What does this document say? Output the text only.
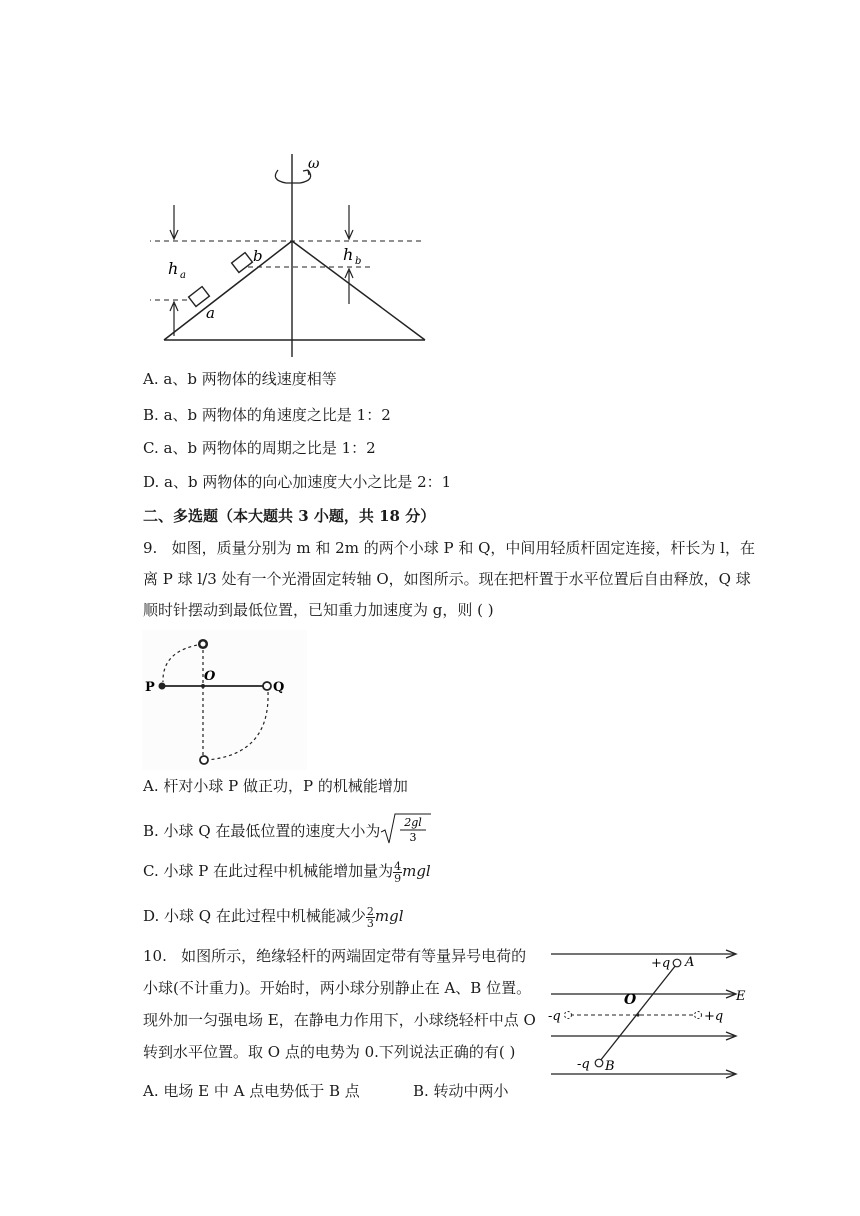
ω
h a
h b
a
b
A. a、b 两物体的线速度相等
B. a、b 两物体的角速度之比是 1：2
C. a、b 两物体的周期之比是 1：2
D. a、b 两物体的向心加速度大小之比是 2：1
二、多选题（本大题共 3 小题，共 18 分）
9. 如图，质量分别为 m 和 2m 的两个小球 P 和 Q，中间用轻质杆固定连接，杆长为 l，在
离 P 球 l/3 处有一个光滑固定转轴 O，如图所示。现在把杆置于水平位置后自由释放，Q 球
顺时针摆动到最低位置，已知重力加速度为 g，则 ( )
P
O
Q
A. 杆对小球 P 做正功，P 的机械能增加
B. 小球 Q 在最低位置的速度大小为 2gl
3
C. 小球 P 在此过程中机械能增加量为 $\frac{4}{9}$ mgl
D. 小球 Q 在此过程中机械能减少 $\frac{2}{3}$ mgl
10. 如图所示，绝缘轻杆的两端固定带有等量异号电荷的
小球(不计重力)。开始时，两小球分别静止在 A、B 位置。
现外加一匀强电场 E，在静电力作用下，小球绕轻杆中点 O
转到水平位置。取 O 点的电势为 0.下列说法正确的有( )
A. 电场 E 中 A 点电势低于 B 点	B. 转动中两小
+q A
E
O
-q	+q
-q B
